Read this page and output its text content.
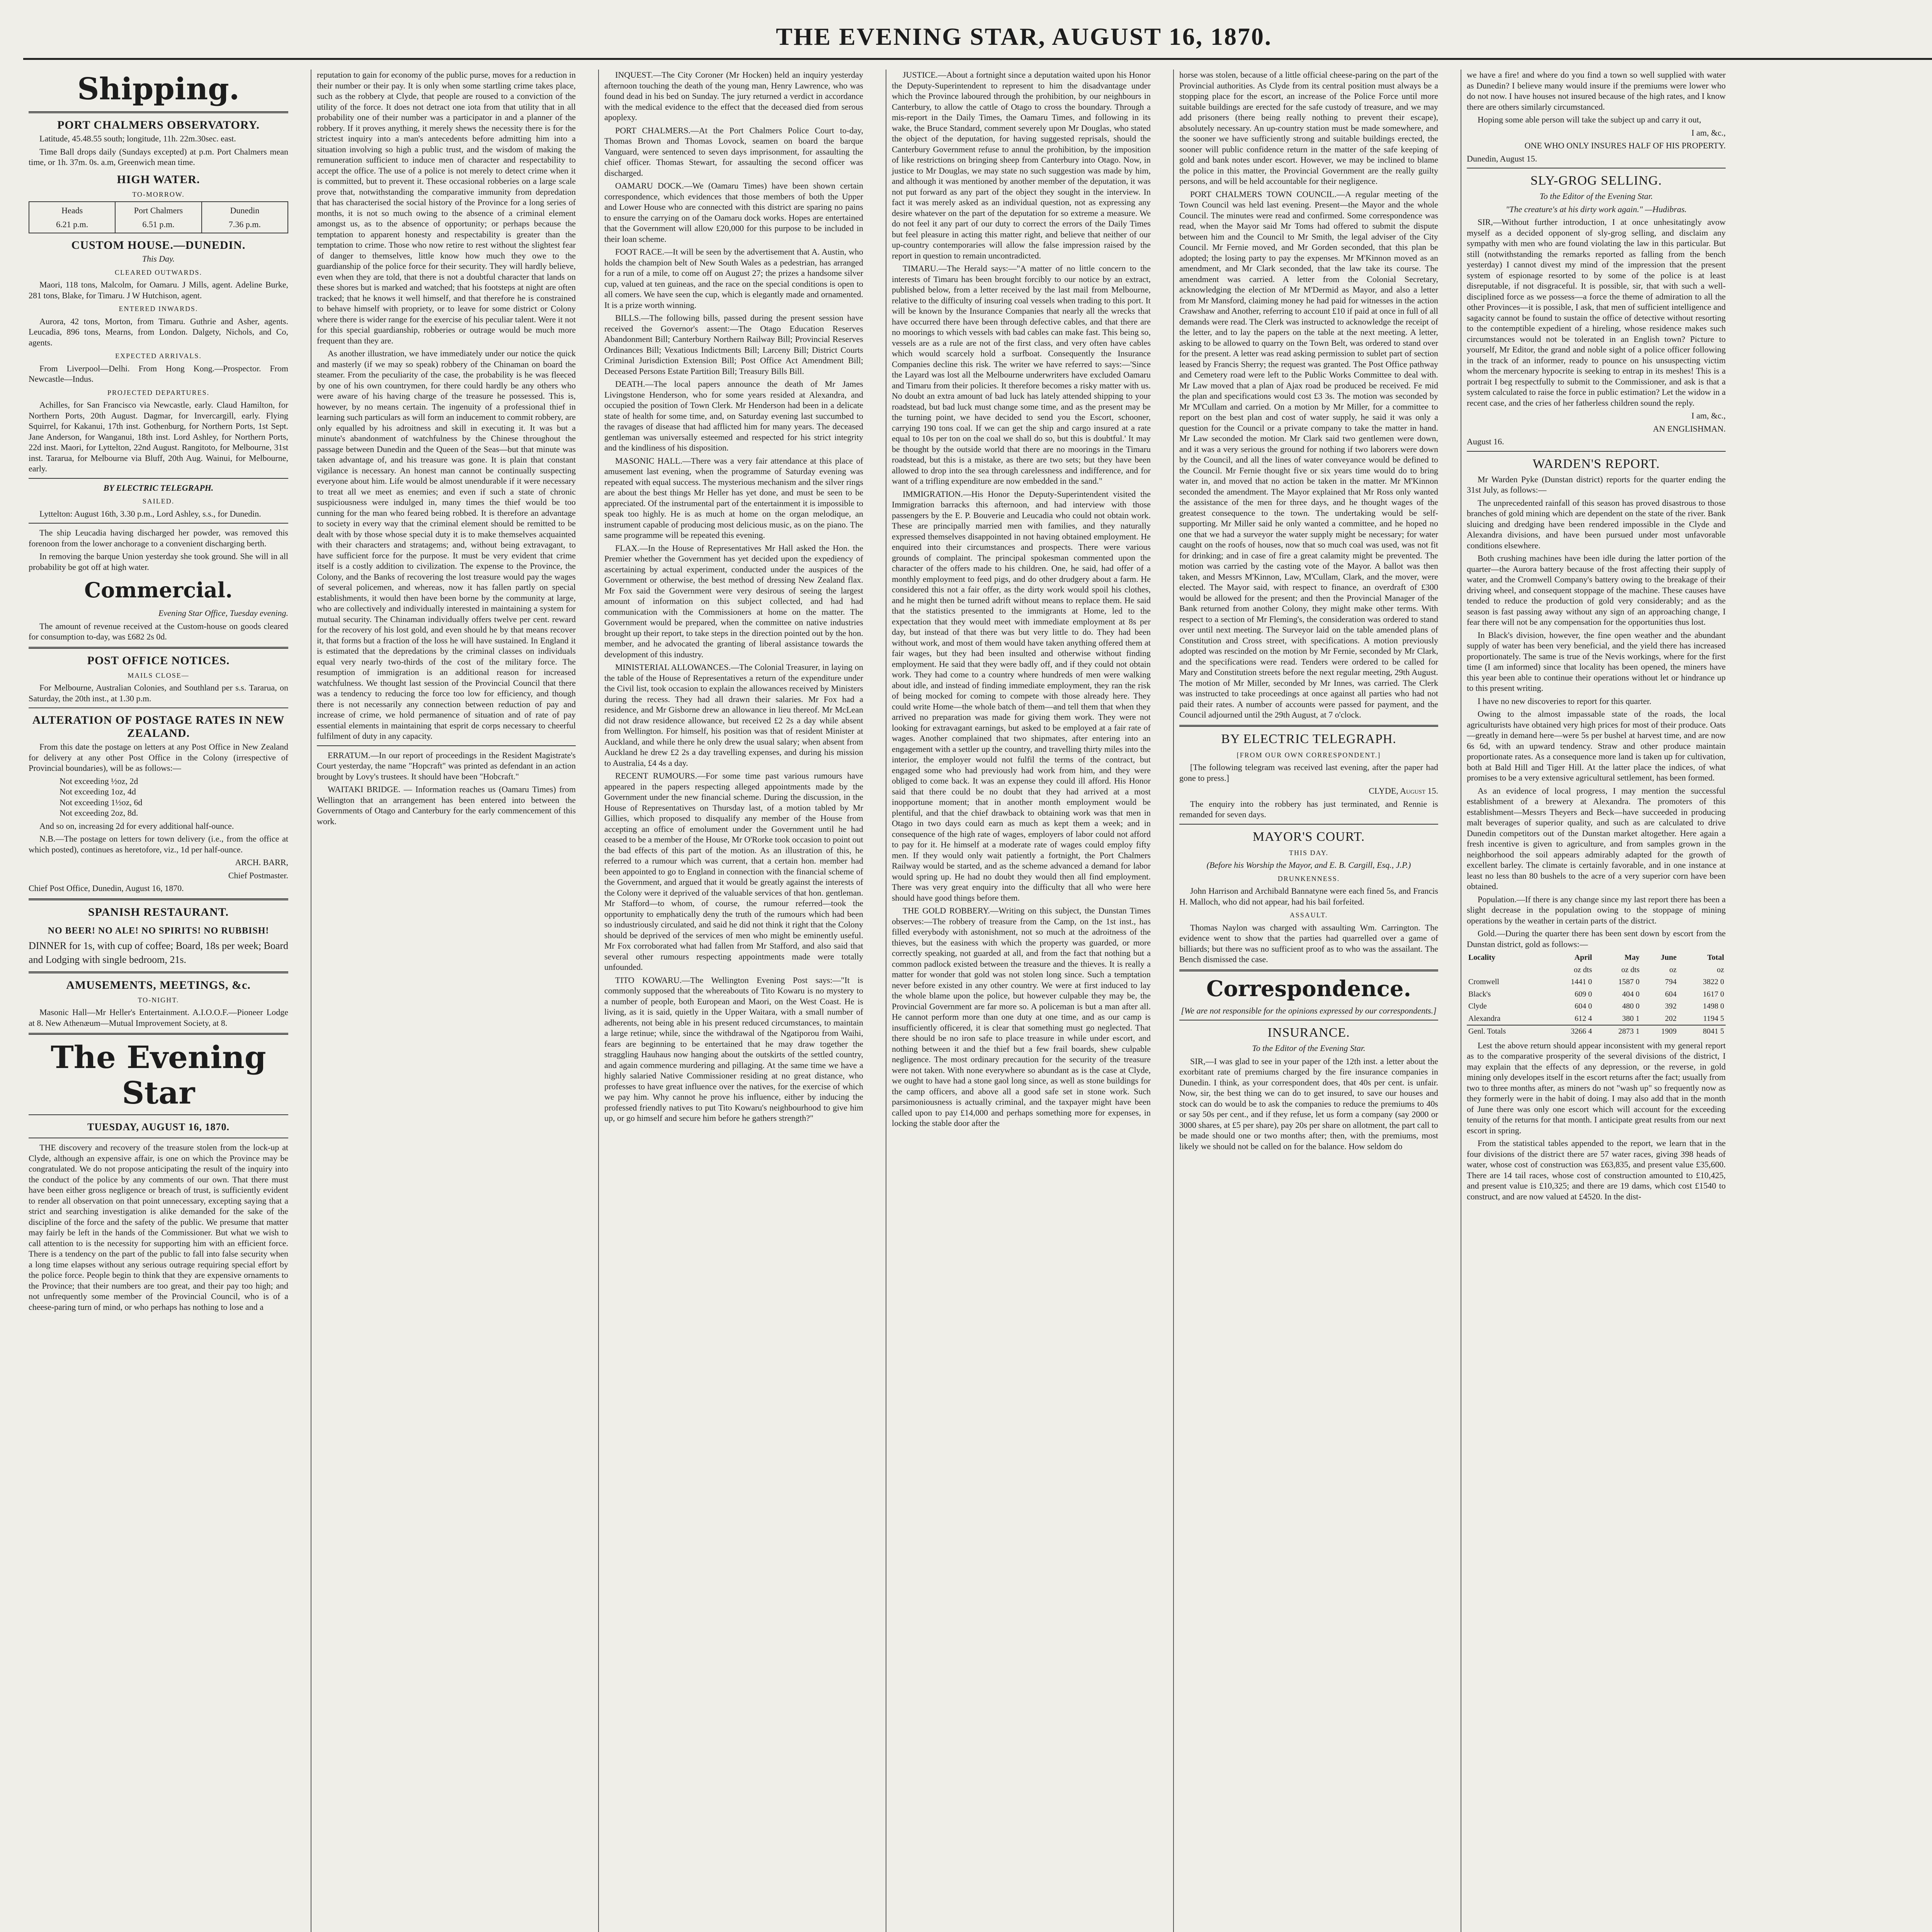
THE EVENING STAR, AUGUST 16, 1870.
Shipping.
PORT CHALMERS OBSERVATORY.

Latitude, 45.48.55 south; longitude, 11h. 22m.30sec. east.

Time Ball drops daily (Sundays excepted) at p.m. Port Chalmers mean time, or 1h. 37m. 0s. a.m, Greenwich mean time.

HIGH WATER.
TO-MORROW.
Heads
6.21 p.m.
Port Chalmers
6.51 p.m.
Dunedin
7.36 p.m.
CUSTOM HOUSE.—DUNEDIN.
This Day.
CLEARED OUTWARDS.

Maori, 118 tons, Malcolm, for Oamaru. J Mills, agent. Adeline Burke, 281 tons, Blake, for Timaru. J W Hutchison, agent.

ENTERED INWARDS.

Aurora, 42 tons, Morton, from Timaru. Guthrie and Asher, agents. Leucadia, 896 tons, Mearns, from London. Dalgety, Nichols, and Co, agents.

EXPECTED ARRIVALS.

From Liverpool—Delhi. From Hong Kong.—Prospector. From Newcastle—Indus.

PROJECTED DEPARTURES.

Achilles, for San Francisco via Newcastle, early. Claud Hamilton, for Northern Ports, 20th August. Dagmar, for Invercargill, early. Flying Squirrel, for Kakanui, 17th inst. Gothenburg, for Northern Ports, 1st Sept. Jane Anderson, for Wanganui, 18th inst. Lord Ashley, for Northern Ports, 22d inst. Maori, for Lyttelton, 22nd August. Rangitoto, for Melbourne, 31st inst. Tararua, for Melbourne via Bluff, 20th Aug. Wainui, for Melbourne, early.

BY ELECTRIC TELEGRAPH.
SAILED.

Lyttelton: August 16th, 3.30 p.m., Lord Ashley, s.s., for Dunedin.

The ship Leucadia having discharged her powder, was removed this forenoon from the lower anchorage to a convenient discharging berth.

In removing the barque Union yesterday she took ground. She will in all probability be got off at high water.

Commercial.
Evening Star Office, Tuesday evening.

The amount of revenue received at the Custom-house on goods cleared for consumption to-day, was £682 2s 0d.

POST OFFICE NOTICES.
MAILS CLOSE—

For Melbourne, Australian Colonies, and Southland per s.s. Tararua, on Saturday, the 20th inst., at 1.30 p.m.

ALTERATION OF POSTAGE RATES IN NEW ZEALAND.

From this date the postage on letters at any Post Office in New Zealand for delivery at any other Post Office in the Colony (irrespective of Provincial boundaries), will be as follows:—

Not exceeding ½oz, 2d
Not exceeding 1oz, 4d
Not exceeding 1½oz, 6d
Not exceeding 2oz, 8d.

And so on, increasing 2d for every additional half-ounce.

N.B.—The postage on letters for town delivery (i.e., from the office at which posted), continues as heretofore, viz., 1d per half-ounce.

ARCH. BARR,
Chief Postmaster.
Chief Post Office, Dunedin, August 16, 1870.
SPANISH RESTAURANT.
NO BEER! NO ALE! NO SPIRITS! NO RUBBISH!

DINNER for 1s, with cup of coffee; Board, 18s per week; Board and Lodging with single bedroom, 21s.

AMUSEMENTS, MEETINGS, &c.
TO-NIGHT.

Masonic Hall—Mr Heller's Entertainment. A.I.O.O.F.—Pioneer Lodge at 8. New Athenæum—Mutual Improvement Society, at 8.

The Evening Star
TUESDAY, AUGUST 16, 1870.

THE discovery and recovery of the treasure stolen from the lock-up at Clyde, although an expensive affair, is one on which the Province may be congratulated. We do not propose anticipating the result of the inquiry into the conduct of the police by any comments of our own. That there must have been either gross negligence or breach of trust, is sufficiently evident to render all observation on that point unnecessary, excepting saying that a strict and searching investigation is alike demanded for the sake of the discipline of the force and the safety of the public. We presume that matter may fairly be left in the hands of the Commissioner. But what we wish to call attention to is the necessity for supporting him with an efficient force. There is a tendency on the part of the public to fall into false security when a long time elapses without any serious outrage requiring special effort by the police force. People begin to think that they are expensive ornaments to the Province; that their numbers are too great, and their pay too high; and not unfrequently some member of the Provincial Council, who is of a cheese-paring turn of mind, or who perhaps has nothing to lose and a

reputation to gain for economy of the public purse, moves for a reduction in their number or their pay. It is only when some startling crime takes place, such as the robbery at Clyde, that people are roused to a conviction of the utility of the force. It does not detract one iota from that utility that in all probability one of their number was a participator in and a planner of the robbery. If it proves anything, it merely shews the necessity there is for the strictest inquiry into a man's antecedents before admitting him into a situation involving so high a public trust, and the wisdom of making the remuneration sufficient to induce men of character and respectability to accept the office. The use of a police is not merely to detect crime when it is committed, but to prevent it. These occasional robberies on a large scale prove that, notwithstanding the comparative immunity from depredation that has characterised the social history of the Province for a long series of months, it is not so much owing to the absence of a criminal element amongst us, as to the absence of opportunity; or perhaps because the temptation to apparent honesty and respectability is greater than the temptation to crime. Those who now retire to rest without the slightest fear of danger to themselves, little know how much they owe to the guardianship of the police force for their security. They will hardly believe, even when they are told, that there is not a doubtful character that lands on these shores but is marked and watched; that his footsteps at night are often tracked; that he knows it well himself, and that therefore he is constrained to behave himself with propriety, or to leave for some district or Colony where there is wider range for the exercise of his peculiar talent. Were it not for this special guardianship, robberies or outrage would be much more frequent than they are.

As another illustration, we have immediately under our notice the quick and masterly (if we may so speak) robbery of the Chinaman on board the steamer. From the peculiarity of the case, the probability is he was fleeced by one of his own countrymen, for there could hardly be any others who were aware of his having charge of the treasure he possessed. This is, however, by no means certain. The ingenuity of a professional thief in learning such particulars as will form an inducement to commit robbery, are only equalled by his adroitness and skill in executing it. It was but a minute's abandonment of watchfulness by the Chinese throughout the passage between Dunedin and the Queen of the Seas—but that minute was taken advantage of, and his treasure was gone. It is plain that constant vigilance is necessary. An honest man cannot be continually suspecting everyone about him. Life would be almost unendurable if it were necessary to treat all we meet as enemies; and even if such a state of chronic suspiciousness were indulged in, many times the thief would be too cunning for the man who feared being robbed. It is therefore an advantage to society in every way that the criminal element should be remitted to be dealt with by those whose special duty it is to make themselves acquainted with their characters and stratagems; and, without being extravagant, to have sufficient force for the purpose. It must be very evident that crime itself is a costly addition to civilization. The expense to the Province, the Colony, and the Banks of recovering the lost treasure would pay the wages of several policemen, and whereas, now it has fallen partly on special establishments, it would then have been borne by the community at large, who are collectively and individually interested in maintaining a system for mutual security. The Chinaman individually offers twelve per cent. reward for the recovery of his lost gold, and even should he by that means recover it, that forms but a fraction of the loss he will have sustained. In England it is estimated that the depredations by the criminal classes on individuals equal very nearly two-thirds of the cost of the military force. The resumption of immigration is an additional reason for increased watchfulness. We thought last session of the Provincial Council that there was a tendency to reducing the force too low for efficiency, and though there is not necessarily any connection between reduction of pay and increase of crime, we hold permanence of situation and of rate of pay essential elements in maintaining that esprit de corps necessary to cheerful fulfilment of duty in any capacity.

ERRATUM.—In our report of proceedings in the Resident Magistrate's Court yesterday, the name "Hopcraft" was printed as defendant in an action brought by Lovy's trustees. It should have been "Hobcraft."

WAITAKI BRIDGE. — Information reaches us (Oamaru Times) from Wellington that an arrangement has been entered into between the Governments of Otago and Canterbury for the early commencement of this work.

INQUEST.—The City Coroner (Mr Hocken) held an inquiry yesterday afternoon touching the death of the young man, Henry Lawrence, who was found dead in his bed on Sunday. The jury returned a verdict in accordance with the medical evidence to the effect that the deceased died from serous apoplexy.

PORT CHALMERS.—At the Port Chalmers Police Court to-day, Thomas Brown and Thomas Lovock, seamen on board the barque Vanguard, were sentenced to seven days imprisonment, for assaulting the chief officer. Thomas Stewart, for assaulting the second officer was discharged.

OAMARU DOCK.—We (Oamaru Times) have been shown certain correspondence, which evidences that those members of both the Upper and Lower House who are connected with this district are sparing no pains to ensure the carrying on of the Oamaru dock works. Hopes are entertained that the Government will allow £20,000 for this purpose to be included in their loan scheme.

FOOT RACE.—It will be seen by the advertisement that A. Austin, who holds the champion belt of New South Wales as a pedestrian, has arranged for a run of a mile, to come off on August 27; the prizes a handsome silver cup, valued at ten guineas, and the race on the special conditions is open to all comers. We have seen the cup, which is elegantly made and ornamented. It is a prize worth winning.

BILLS.—The following bills, passed during the present session have received the Governor's assent:—The Otago Education Reserves Abandonment Bill; Canterbury Northern Railway Bill; Provincial Reserves Ordinances Bill; Vexatious Indictments Bill; Larceny Bill; District Courts Criminal Jurisdiction Extension Bill; Post Office Act Amendment Bill; Deceased Persons Estate Partition Bill; Treasury Bills Bill.

DEATH.—The local papers announce the death of Mr James Livingstone Henderson, who for some years resided at Alexandra, and occupied the position of Town Clerk. Mr Henderson had been in a delicate state of health for some time, and, on Saturday evening last succumbed to the ravages of disease that had afflicted him for many years. The deceased gentleman was universally esteemed and respected for his strict integrity and the kindliness of his disposition.

MASONIC HALL.—There was a very fair attendance at this place of amusement last evening, when the programme of Saturday evening was repeated with equal success. The mysterious mechanism and the silver rings are about the best things Mr Heller has yet done, and must be seen to be appreciated. Of the instrumental part of the entertainment it is impossible to speak too highly. He is as much at home on the organ melodique, an instrument capable of producing most delicious music, as on the piano. The same programme will be repeated this evening.

FLAX.—In the House of Representatives Mr Hall asked the Hon. the Premier whether the Government has yet decided upon the expediency of ascertaining by actual experiment, conducted under the auspices of the Government or otherwise, the best method of dressing New Zealand flax. Mr Fox said the Government were very desirous of seeing the largest amount of information on this subject collected, and had had communication with the Commissioners at home on the matter. The Government would be prepared, when the committee on native industries brought up their report, to take steps in the direction pointed out by the hon. member, and he advocated the granting of liberal assistance towards the development of this industry.

MINISTERIAL ALLOWANCES.—The Colonial Treasurer, in laying on the table of the House of Representatives a return of the expenditure under the Civil list, took occasion to explain the allowances received by Ministers during the recess. They had all drawn their salaries. Mr Fox had a residence, and Mr Gisborne drew an allowance in lieu thereof. Mr McLean did not draw residence allowance, but received £2 2s a day while absent from Wellington. For himself, his position was that of resident Minister at Auckland, and while there he only drew the usual salary; when absent from Auckland he drew £2 2s a day travelling expenses, and during his mission to Australia, £4 4s a day.

RECENT RUMOURS.—For some time past various rumours have appeared in the papers respecting alleged appointments made by the Government under the new financial scheme. During the discussion, in the House of Representatives on Thursday last, of a motion tabled by Mr Gillies, which proposed to disqualify any member of the House from accepting an office of emolument under the Government until he had ceased to be a member of the House, Mr O'Rorke took occasion to point out the bad effects of this part of the motion. As an illustration of this, he referred to a rumour which was current, that a certain hon. member had been appointed to go to England in connection with the financial scheme of the Government, and argued that it would be greatly against the interests of the Colony were it deprived of the valuable services of that hon. gentleman. Mr Stafford—to whom, of course, the rumour referred—took the opportunity to emphatically deny the truth of the rumours which had been so industriously circulated, and said he did not think it right that the Colony should be deprived of the services of men who might be eminently useful. Mr Fox corroborated what had fallen from Mr Stafford, and also said that several other rumours respecting appointments made were totally unfounded.

TITO KOWARU.—The Wellington Evening Post says:—"It is commonly supposed that the whereabouts of Tito Kowaru is no mystery to a number of people, both European and Maori, on the West Coast. He is living, as it is said, quietly in the Upper Waitara, with a small number of adherents, not being able in his present reduced circumstances, to maintain a large retinue; while, since the withdrawal of the Ngatiporou from Waihi, fears are beginning to be entertained that he may draw together the straggling Hauhaus now hanging about the outskirts of the settled country, and again commence murdering and pillaging. At the same time we have a highly salaried Native Commissioner residing at no great distance, who professes to have great influence over the natives, for the exercise of which we pay him. Why cannot he prove his influence, either by inducing the professed friendly natives to put Tito Kowaru's neighbourhood to give him up, or go himself and secure him before he gathers strength?"

JUSTICE.—About a fortnight since a deputation waited upon his Honor the Deputy-Superintendent to represent to him the disadvantage under which the Province laboured through the prohibition, by our neighbours in Canterbury, to allow the cattle of Otago to cross the boundary. Through a mis-report in the Daily Times, the Oamaru Times, and following in its wake, the Bruce Standard, comment severely upon Mr Douglas, who stated the object of the deputation, for having suggested reprisals, should the Canterbury Government refuse to annul the prohibition, by the imposition of like restrictions on bringing sheep from Canterbury into Otago. Now, in justice to Mr Douglas, we may state no such suggestion was made by him, and although it was mentioned by another member of the deputation, it was not put forward as any part of the object they sought in the interview. In fact it was merely asked as an individual question, not as expressing any desire whatever on the part of the deputation for so extreme a measure. We do not feel it any part of our duty to correct the errors of the Daily Times but feel pleasure in acting this matter right, and believe that neither of our up-country contemporaries will allow the false impression raised by the report in question to remain uncontradicted.

TIMARU.—The Herald says:—"A matter of no little concern to the interests of Timaru has been brought forcibly to our notice by an extract, published below, from a letter received by the last mail from Melbourne, relative to the difficulty of insuring coal vessels when trading to this port. It will be known by the Insurance Companies that nearly all the wrecks that have occurred there have been through defective cables, and that there are no moorings to which vessels with bad cables can make fast. This being so, vessels are as a rule are not of the first class, and very often have cables which would scarcely hold a surfboat. Consequently the Insurance Companies decline this risk. The writer we have referred to says:—'Since the Layard was lost all the Melbourne underwriters have excluded Oamaru and Timaru from their policies. It therefore becomes a risky matter with us. No doubt an extra amount of bad luck has lately attended shipping to your roadstead, but bad luck must change some time, and as the present may be the turning point, we have decided to send you the Escort, schooner, carrying 190 tons coal. If we can get the ship and cargo insured at a rate equal to 10s per ton on the coal we shall do so, but this is doubtful.' It may be thought by the outside world that there are no moorings in the Timaru roadstead, but this is a mistake, as there are two sets; but they have been allowed to drop into the sea through carelessness and indifference, and for want of a trifling expenditure are now embedded in the sand."

IMMIGRATION.—His Honor the Deputy-Superintendent visited the Immigration barracks this afternoon, and had interview with those passengers by the E. P. Bouverie and Leucadia who could not obtain work. These are principally married men with families, and they naturally expressed themselves disappointed in not having obtained employment. He enquired into their circumstances and prospects. There were various grounds of complaint. The principal spokesman commented upon the character of the offers made to his children. One, he said, had offer of a monthly employment to feed pigs, and do other drudgery about a farm. He considered this not a fair offer, as the dirty work would spoil his clothes, and he might then be turned adrift without means to replace them. He said that the statistics presented to the immigrants at Home, led to the expectation that they would meet with immediate employment at 8s per day, but instead of that there was but very little to do. They had been without work, and most of them would have taken anything offered them at fair wages, but they had been insulted and otherwise without finding employment. He said that they were badly off, and if they could not obtain work. They had come to a country where hundreds of men were walking about idle, and instead of finding immediate employment, they ran the risk of being mocked for coming to compete with those already here. They could write Home—the whole batch of them—and tell them that when they arrived no preparation was made for giving them work. They were not looking for extravagant earnings, but asked to be employed at a fair rate of wages. Another complained that two shipmates, after entering into an engagement with a settler up the country, and travelling thirty miles into the interior, the employer would not fulfil the terms of the contract, but engaged some who had previously had work from him, and they were obliged to come back. It was an expense they could ill afford. His Honor said that there could be no doubt that they had arrived at a most inopportune moment; that in another month employment would be plentiful, and that the chief drawback to obtaining work was that men in Otago in two days could earn as much as kept them a week; and in consequence of the high rate of wages, employers of labor could not afford to pay for it. He himself at a moderate rate of wages could employ fifty men. If they would only wait patiently a fortnight, the Port Chalmers Railway would be started, and as the scheme advanced a demand for labor would spring up. He had no doubt they would then all find employment. There was very great enquiry into the difficulty that all who were here should have good things before them.

THE GOLD ROBBERY.—Writing on this subject, the Dunstan Times observes:—The robbery of treasure from the Camp, on the 1st inst., has filled everybody with astonishment, not so much at the adroitness of the thieves, but the easiness with which the property was guarded, or more correctly speaking, not guarded at all, and from the fact that nothing but a common padlock existed between the treasure and the thieves. It is really a matter for wonder that gold was not stolen long since. Such a temptation never before existed in any other country. We were at first induced to lay the whole blame upon the police, but however culpable they may be, the Provincial Government are far more so. A policeman is but a man after all. He cannot perform more than one duty at one time, and as our camp is insufficiently officered, it is clear that something must go neglected. That there should be no iron safe to place treasure in while under escort, and nothing between it and the thief but a few frail boards, shew culpable negligence. The most ordinary precaution for the security of the treasure were not taken. With none everywhere so abundant as is the case at Clyde, we ought to have had a stone gaol long since, as well as stone buildings for the camp officers, and above all a good safe set in stone work. Such parsimoniousness is actually criminal, and the taxpayer might have been called upon to pay £14,000 and perhaps something more for expenses, in locking the stable door after the

horse was stolen, because of a little official cheese-paring on the part of the Provincial authorities. As Clyde from its central position must always be a stopping place for the escort, an increase of the Police Force until more suitable buildings are erected for the safe custody of treasure, and we may add prisoners (there being really nothing to prevent their escape), absolutely necessary. An up-country station must be made somewhere, and the sooner we have sufficiently strong and suitable buildings erected, the sooner will public confidence return in the matter of the safe keeping of gold and bank notes under escort. However, we may be inclined to blame the police in this matter, the Provincial Government are the really guilty persons, and will be held accountable for their negligence.

PORT CHALMERS TOWN COUNCIL.—A regular meeting of the Town Council was held last evening. Present—the Mayor and the whole Council. The minutes were read and confirmed. Some correspondence was read, when the Mayor said Mr Toms had offered to submit the dispute between him and the Council to Mr Smith, the legal adviser of the City Council. Mr Fernie moved, and Mr Gorden seconded, that this plan be adopted; the losing party to pay the expenses. Mr M'Kinnon moved as an amendment, and Mr Clark seconded, that the law take its course. The amendment was carried. A letter from the Colonial Secretary, acknowledging the election of Mr M'Dermid as Mayor, and also a letter from Mr Mansford, claiming money he had paid for witnesses in the action Crawshaw and Another, referring to account £10 if paid at once in full of all demands were read. The Clerk was instructed to acknowledge the receipt of the letter, and to lay the papers on the table at the next meeting. A letter, asking to be allowed to quarry on the Town Belt, was ordered to stand over for the present. A letter was read asking permission to sublet part of section leased by Francis Sherry; the request was granted. The Post Office pathway and Cemetery road were left to the Public Works Committee to deal with. Mr Law moved that a plan of Ajax road be produced be received. Fe mid the plan and specifications would cost £3 3s. The motion was seconded by Mr M'Cullam and carried. On a motion by Mr Miller, for a committee to report on the best plan and cost of water supply, he said it was only a question for the Council or a private company to take the matter in hand. Mr Law seconded the motion. Mr Clark said two gentlemen were down, and it was a very serious the ground for nothing if two laborers were down by the Council, and all the lines of water conveyance would be defined to the Council. Mr Fernie thought five or six years time would do to bring water in, and moved that no action be taken in the matter. Mr M'Kinnon seconded the amendment. The Mayor explained that Mr Ross only wanted the assistance of the men for three days, and he thought wages of the greatest consequence to the town. The undertaking would be self-supporting. Mr Miller said he only wanted a committee, and he hoped no one that we had a surveyor the water supply might be necessary; for water caught on the roofs of houses, now that so much coal was used, was not fit for drinking; and in case of fire a great calamity might be prevented. The motion was carried by the casting vote of the Mayor. A ballot was then taken, and Messrs M'Kinnon, Law, M'Cullam, Clark, and the mover, were elected. The Mayor said, with respect to finance, an overdraft of £300 would be allowed for the present; and then the Provincial Manager of the Bank returned from another Colony, they might make other terms. With respect to a section of Mr Fleming's, the consideration was ordered to stand over until next meeting. The Surveyor laid on the table amended plans of Constitution and Cross street, with specifications. A motion previously adopted was rescinded on the motion by Mr Fernie, seconded by Mr Clark, and the specifications were read. Tenders were ordered to be called for Mary and Constitution streets before the next regular meeting, 29th August. The motion of Mr Miller, seconded by Mr Innes, was carried. The Clerk was instructed to take proceedings at once against all parties who had not paid their rates. A number of accounts were passed for payment, and the Council adjourned until the 29th August, at 7 o'clock.

BY ELECTRIC TELEGRAPH.
[FROM OUR OWN CORRESPONDENT.]

[The following telegram was received last evening, after the paper had gone to press.]

CLYDE, August 15.

The enquiry into the robbery has just terminated, and Rennie is remanded for seven days.

MAYOR'S COURT.
THIS DAY.
(Before his Worship the Mayor, and E. B. Cargill, Esq., J.P.)
DRUNKENNESS.

John Harrison and Archibald Bannatyne were each fined 5s, and Francis H. Malloch, who did not appear, had his bail forfeited.

ASSAULT.

Thomas Naylon was charged with assaulting Wm. Carrington. The evidence went to show that the parties had quarrelled over a game of billiards; but there was no sufficient proof as to who was the assailant. The Bench dismissed the case.

Correspondence.

[We are not responsible for the opinions expressed by our correspondents.]

INSURANCE.
To the Editor of the Evening Star.

SIR,—I was glad to see in your paper of the 12th inst. a letter about the exorbitant rate of premiums charged by the fire insurance companies in Dunedin. I think, as your correspondent does, that 40s per cent. is unfair. Now, sir, the best thing we can do to get insured, to save our houses and stock can do would be to ask the companies to reduce the premiums to 40s or say 50s per cent., and if they refuse, let us form a company (say 2000 or 3000 shares, at £5 per share), pay 20s per share on allotment, the part call to be made should one or two months after; then, with the premiums, most likely we should not be called on for the balance. How seldom do

we have a fire! and where do you find a town so well supplied with water as Dunedin? I believe many would insure if the premiums were lower who do not now. I have houses not insured because of the high rates, and I know there are others similarly circumstanced.

Hoping some able person will take the subject up and carry it out,

I am, &c.,
ONE WHO ONLY INSURES HALF OF HIS PROPERTY.
Dunedin, August 15.
SLY-GROG SELLING.
To the Editor of the Evening Star.
"The creature's at his dirty work again." —Hudibras.

SIR,—Without further introduction, I at once unhesitatingly avow myself as a decided opponent of sly-grog selling, and disclaim any sympathy with men who are found violating the law in this particular. But still (notwithstanding the remarks reported as falling from the bench yesterday) I cannot divest my mind of the impression that the present system of espionage resorted to by some of the police is at least disreputable, if not disgraceful. It is possible, sir, that with such a well-disciplined force as we possess—a force the theme of admiration to all the other Provinces—it is possible, I ask, that men of sufficient intelligence and sagacity cannot be found to sustain the office of detective without resorting to the contemptible expedient of a hireling, whose residence makes such circumstances would not be tolerated in an English town? Picture to yourself, Mr Editor, the grand and noble sight of a police officer following in the track of an informer, ready to pounce on his unsuspecting victim whom the mercenary hypocrite is seeking to entrap in its meshes! This is a portrait I beg respectfully to submit to the Commissioner, and ask is that a system calculated to raise the force in public estimation? Let the widow in a recent case, and the cries of her fatherless children sound the reply.

I am, &c.,
AN ENGLISHMAN.
August 16.
WARDEN'S REPORT.

Mr Warden Pyke (Dunstan district) reports for the quarter ending the 31st July, as follows:—

The unprecedented rainfall of this season has proved disastrous to those branches of gold mining which are dependent on the state of the river. Bank sluicing and dredging have been rendered impossible in the Clyde and Alexandra divisions, and have been pursued under most unfavorable conditions elsewhere.

Both crushing machines have been idle during the latter portion of the quarter—the Aurora battery because of the frost affecting their supply of water, and the Cromwell Company's battery owing to the breakage of their driving wheel, and consequent stoppage of the machine. These causes have tended to reduce the production of gold very considerably; and as the season is fast passing away without any sign of an approaching change, I fear there will not be any compensation for the opportunities thus lost.

In Black's division, however, the fine open weather and the abundant supply of water has been very beneficial, and the yield there has increased proportionately. The same is true of the Nevis workings, where for the first time (I am informed) since that locality has been opened, the miners have this year been able to continue their operations without let or hindrance up to this present writing.

I have no new discoveries to report for this quarter.

Owing to the almost impassable state of the roads, the local agriculturists have obtained very high prices for most of their produce. Oats—greatly in demand here—were 5s per bushel at harvest time, and are now 6s 6d, with an upward tendency. Straw and other produce maintain proportionate rates. As a consequence more land is taken up for cultivation, both at Bald Hill and Tiger Hill. At the latter place the indices, of what promises to be a very extensive agricultural settlement, has been formed.

As an evidence of local progress, I may mention the successful establishment of a brewery at Alexandra. The promoters of this establishment—Messrs Theyers and Beck—have succeeded in producing malt beverages of superior quality, and such as are calculated to drive Dunedin competitors out of the Dunstan market altogether. Here again a fresh incentive is given to agriculture, and from samples grown in the neighborhood the soil appears admirably adapted for the growth of excellent barley. The climate is certainly favorable, and in one instance at least no less than 80 bushels to the acre of a very superior corn have been obtained.

Population.—If there is any change since my last report there has been a slight decrease in the population owing to the stoppage of mining operations by the weather in certain parts of the district.

Gold.—During the quarter there has been sent down by escort from the Dunstan district, gold as follows:—

Locality	April	May	June	Total
	oz dts	oz dts	oz	oz
Cromwell	1441 0	1587 0	794	3822 0
Black's	609 0	404 0	604	1617 0
Clyde	604 0	480 0	392	1498 0
Alexandra	612 4	380 1	202	1194 5
Genl. Totals	3266 4	2873 1	1909	8041 5

Lest the above return should appear inconsistent with my general report as to the comparative prosperity of the several divisions of the district, I may explain that the effects of any depression, or the reverse, in gold mining only developes itself in the escort returns after the fact; usually from two to three months after, as miners do not "wash up" so frequently now as they formerly were in the habit of doing. I may also add that in the month of June there was only one escort which will account for the exceeding tenuity of the returns for that month. I anticipate great results from our next escort in spring.

From the statistical tables appended to the report, we learn that in the four divisions of the district there are 57 water races, giving 398 heads of water, whose cost of construction was £63,835, and present value £35,600. There are 14 tail races, whose cost of construction amounted to £10,425, and present value is £10,325; and there are 19 dams, which cost £1540 to construct, and are now valued at £4520. In the dist-
